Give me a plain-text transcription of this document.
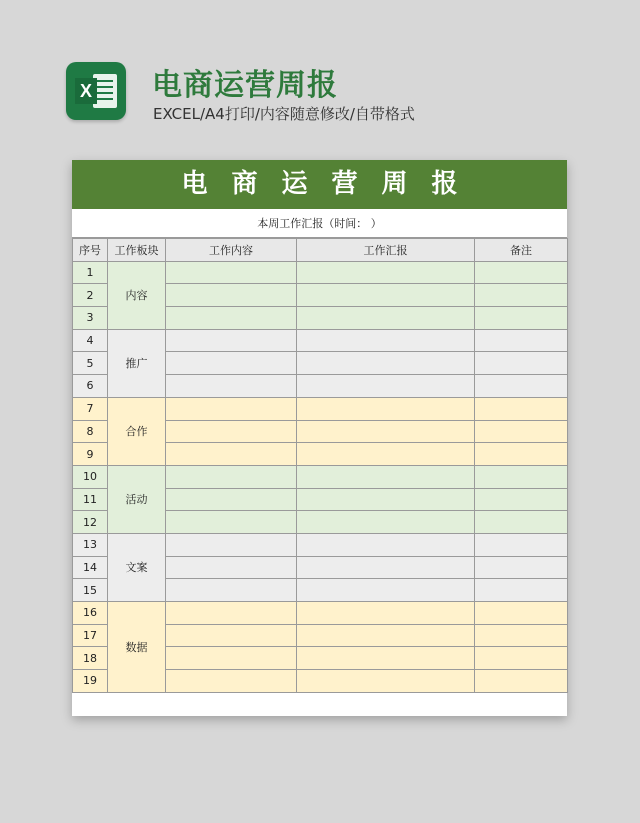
X 电商运营周报
EXCEL/A4打印/内容随意修改/自带格式
电商运营周报
本周工作汇报（时间： ）
序号	工作板块	工作内容	工作汇报	备注
1	内容			
2				
3				
4	推广			
5				
6				
7	合作			
8				
9				
10	活动			
11				
12				
13	文案			
14				
15				
16	数据			
17				
18				
19				
